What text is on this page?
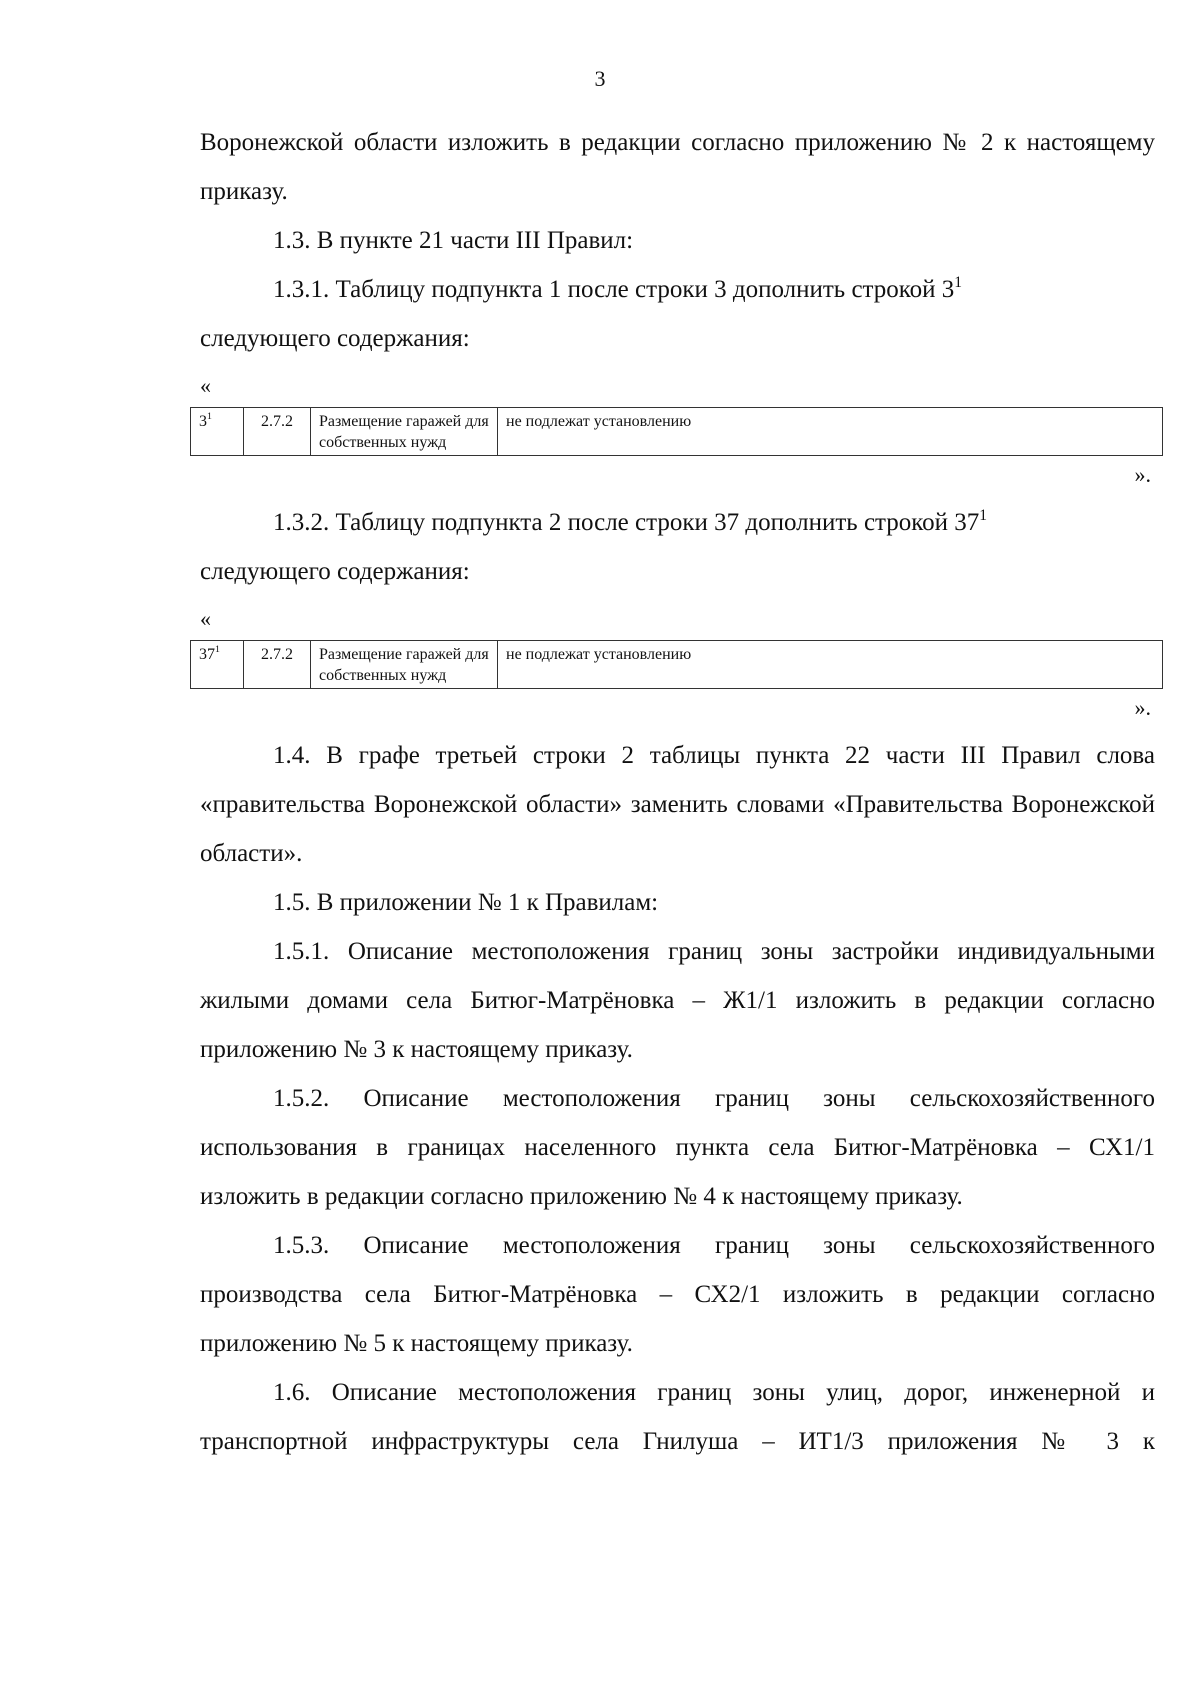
3

Воронежской области изложить в редакции согласно приложению № 2 к настоящему приказу.

1.3. В пункте 21 части III Правил:

1.3.1. Таблицу подпункта 1 после строки 3 дополнить строкой $3^1$
следующего содержания:

«
$3^1$	2.7.2	Размещение гаражей для собственных нужд	не подлежат установлению
».

1.3.2. Таблицу подпункта 2 после строки 37 дополнить строкой $37^1$
следующего содержания:

«
$37^1$	2.7.2	Размещение гаражей для собственных нужд	не подлежат установлению
».

1.4. В графе третьей строки 2 таблицы пункта 22 части III Правил слова «правительства Воронежской области» заменить словами «Правительства Воронежской области».

1.5. В приложении № 1 к Правилам:

1.5.1. Описание местоположения границ зоны застройки индивидуальными жилыми домами села Битюг-Матрёновка – Ж1/1 изложить в редакции согласно приложению № 3 к настоящему приказу.

1.5.2. Описание местоположения границ зоны сельскохозяйственного использования в границах населенного пункта села Битюг-Матрёновка – СХ1/1 изложить в редакции согласно приложению № 4 к настоящему приказу.

1.5.3. Описание местоположения границ зоны сельскохозяйственного производства села Битюг-Матрёновка – СХ2/1 изложить в редакции согласно приложению № 5 к настоящему приказу.

1.6. Описание местоположения границ зоны улиц, дорог, инженерной и транспортной инфраструктуры села Гнилуша – ИТ1/3 приложения № 3 к
